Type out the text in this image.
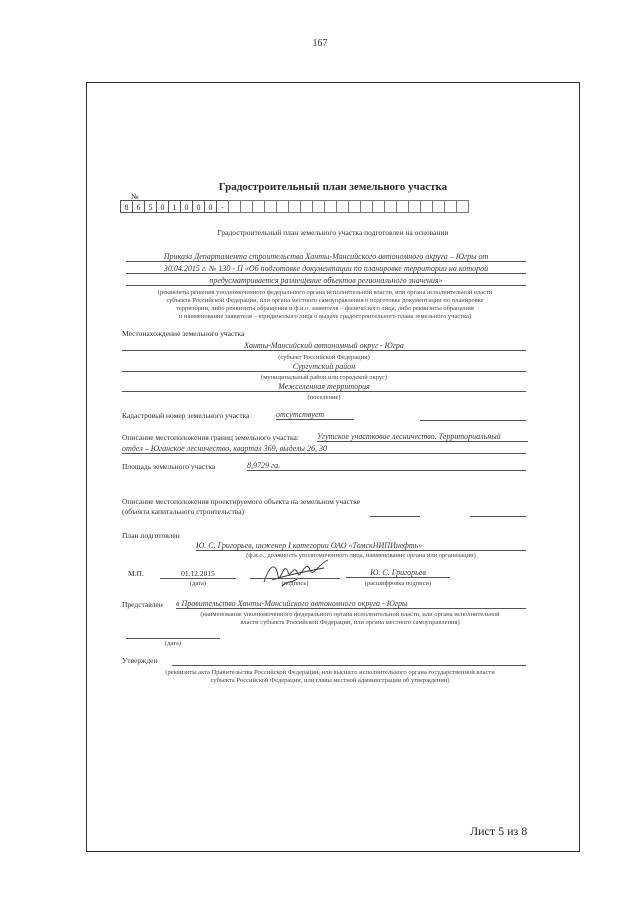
167
Градостроительный план земельного участка
№
8	6	5	0	1	0	0	0	-
Градостроительный план земельного участка подготовлен на основании
Приказа Департамента строительства Ханты-Мансийского автономного округа – Югры от
30.04.2015 г. № 130 - П «Об подготовке документации по планировке территории на которой
предусматривается размещение объектов регионального значения»
(реквизиты решения уполномоченного федерального органа исполнительной власти, или органа исполнительной власти
субъекта Российской Федерации, или органа местного самоуправления о подготовке документации по планировке
территории, либо реквизиты обращения и ф.и.о. заявителя – физического лица, либо реквизиты обращения
и наименование заявителя – юридического лица о выдаче градостроительного плана земельного участка)
Местонахождение земельного участка
Ханты-Мансийский автономный округ - Югра
(субъект Российской Федерации)
Сургутский район
(муниципальный район или городской округ)
Межселенная территория
(поселение)
Кадастровый номер земельного участка	отсутствует
Описание местоположения границ земельного участка: Угутское участковое лесничество. Территориальный
отдел – Юганское лесничество, квартал 369, выделы 26, 30
Площадь земельного участка	8,9729 га.
Описание местоположения проектируемого объекта на земельном участке
(объекта капитального строительства)
План подготовлен
Ю. С. Григорьев, инженер I категории ОАО «ТомскНИПИнефть»
(ф.и.о., должность уполномоченного лица, наименование органа или организации)
М.П.	01.12.2015
(дата)	(подпись)
Ю. С. Григорьев
(расшифровка подписи)
Представлен в Правительство Ханты-Мансийского автономного округа - Югры
(наименование уполномоченного федерального органа исполнительной власти, или органа исполнительной
власти субъекта Российской Федерации, или органа местного самоуправления)
(дата)
Утвержден
(реквизиты акта Правительства Российской Федерации, или высшего исполнительного органа государственной власти
субъекта Российской Федерации, или главы местной администрации об утверждении)
Лист 5 из 8
